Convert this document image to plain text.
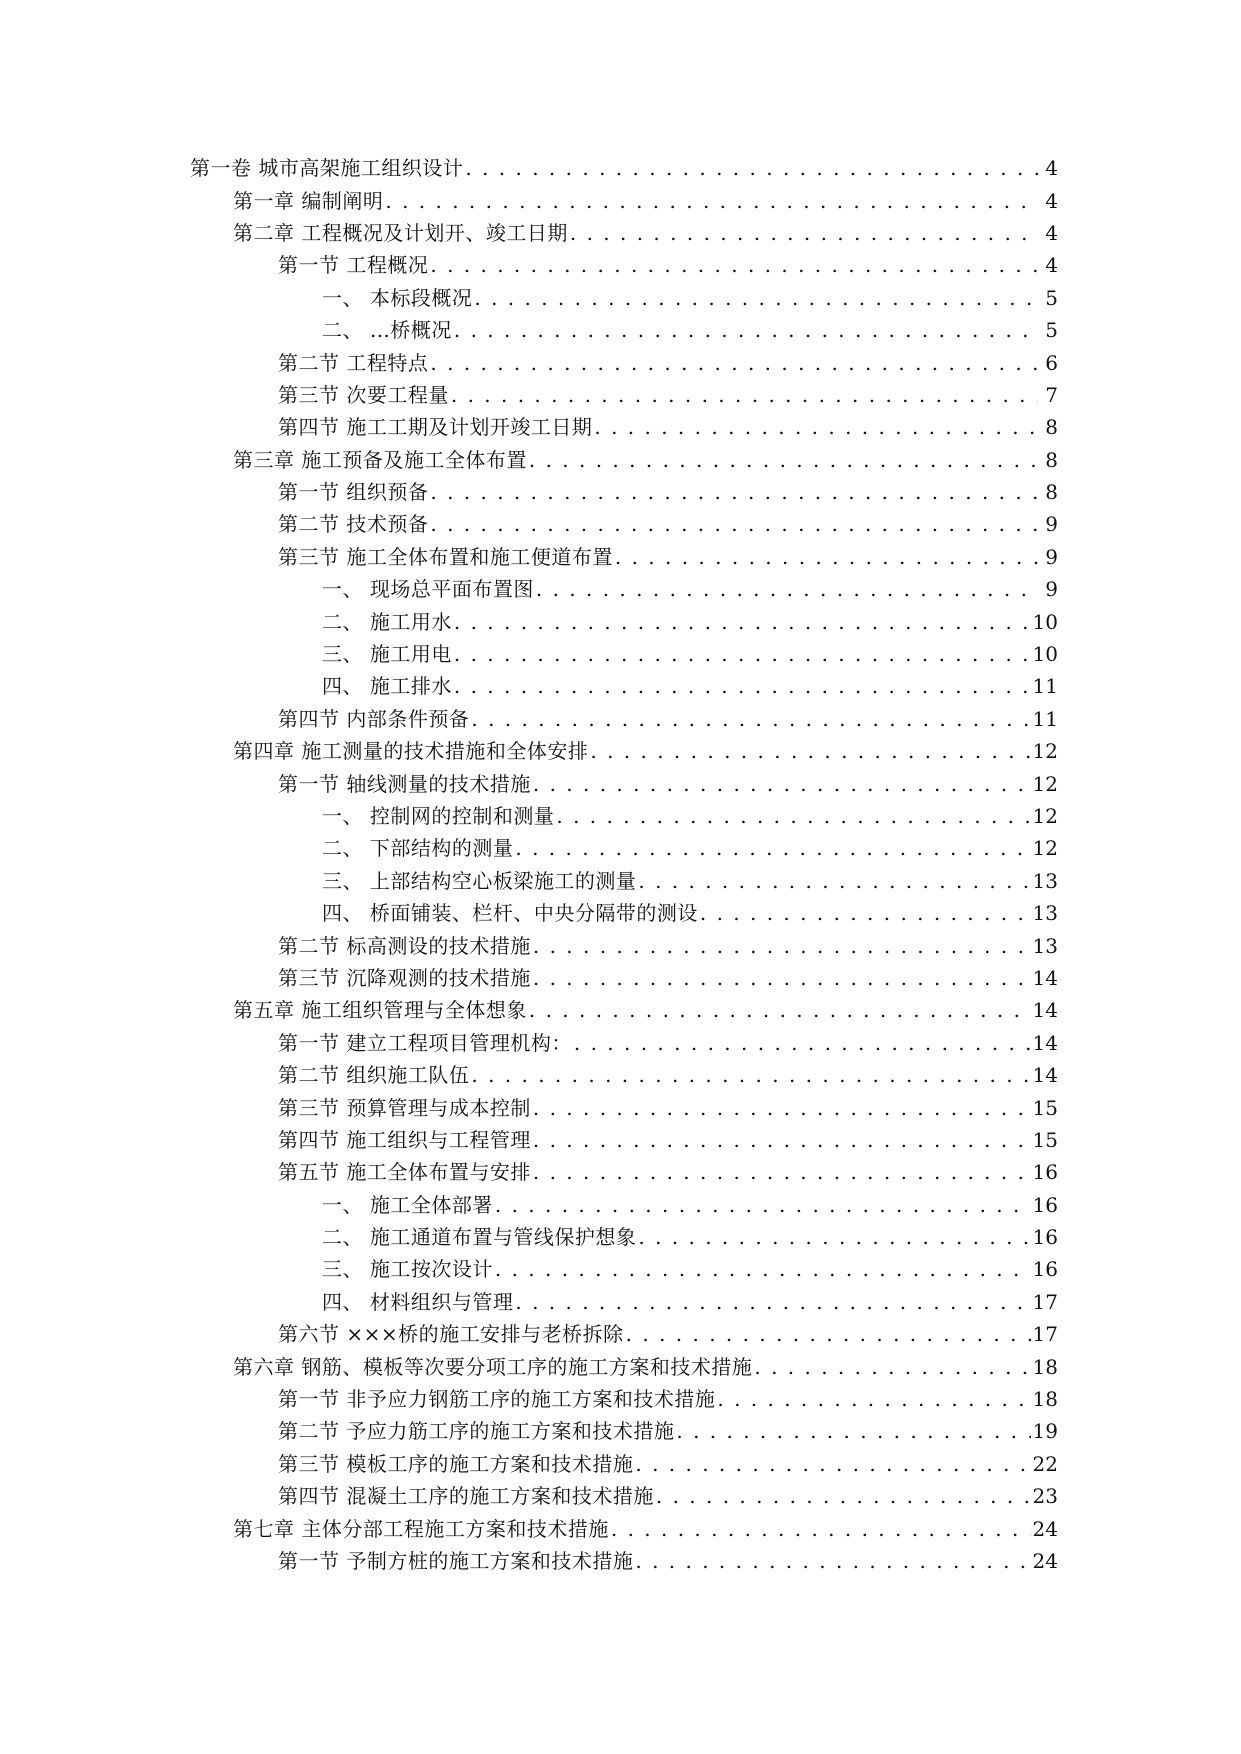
第一卷 城市高架施工组织设计 . . .	4
第一章 编制阐明 . . .	4
第二章 工程概况及计划开、竣工日期 . . .	4
第一节 工程概况 . . .	4
一、 本标段概况 . . .	5
二、 …桥概况 . . .	5
第二节 工程特点 . . .	6
第三节 次要工程量 . . .	7
第四节 施工工期及计划开竣工日期 . . .	8
第三章 施工预备及施工全体布置 . . .	8
第一节 组织预备 . . .	8
第二节 技术预备 . . .	9
第三节 施工全体布置和施工便道布置 . . .	9
一、 现场总平面布置图 . . .	9
二、 施工用水 . . .	10
三、 施工用电 . . .	10
四、 施工排水 . . .	11
第四节 内部条件预备 . . .	11
第四章 施工测量的技术措施和全体安排 . . .	12
第一节 轴线测量的技术措施 . . .	12
一、 控制网的控制和测量 . . .	12
二、 下部结构的测量 . . .	12
三、 上部结构空心板梁施工的测量 . . .	13
四、 桥面铺装、栏杆、中央分隔带的测设 . . .	13
第二节 标高测设的技术措施 . . .	13
第三节 沉降观测的技术措施 . . .	14
第五章 施工组织管理与全体想象 . . .	14
第一节 建立工程项目管理机构： . . .	14
第二节 组织施工队伍 . . .	14
第三节 预算管理与成本控制 . . .	15
第四节 施工组织与工程管理 . . .	15
第五节 施工全体布置与安排 . . .	16
一、 施工全体部署 . . .	16
二、 施工通道布置与管线保护想象 . . .	16
三、 施工按次设计 . . .	16
四、 材料组织与管理 . . .	17
第六节 ×××桥的施工安排与老桥拆除 . . .	17
第六章 钢筋、模板等次要分项工序的施工方案和技术措施 . . .	18
第一节 非予应力钢筋工序的施工方案和技术措施 . . .	18
第二节 予应力筋工序的施工方案和技术措施 . . .	19
第三节 模板工序的施工方案和技术措施 . . .	22
第四节 混凝土工序的施工方案和技术措施 . . .	23
第七章 主体分部工程施工方案和技术措施 . . .	24
第一节 予制方桩的施工方案和技术措施 . . .	24
